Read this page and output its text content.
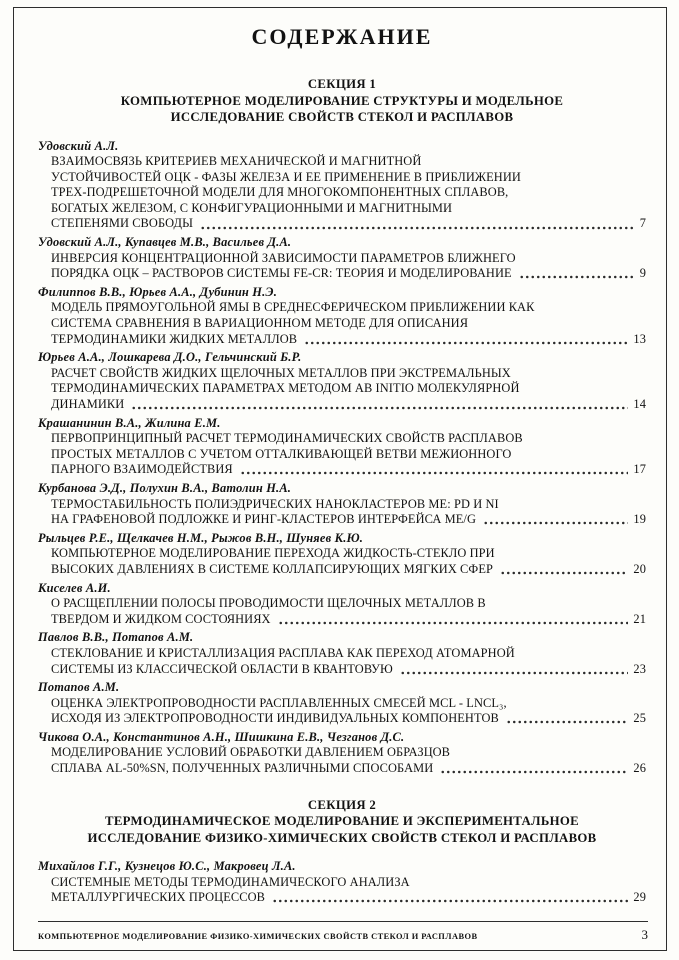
СОДЕРЖАНИЕ
СЕКЦИЯ 1
КОМПЬЮТЕРНОЕ МОДЕЛИРОВАНИЕ СТРУКТУРЫ И МОДЕЛЬНОЕ
ИССЛЕДОВАНИЕ СВОЙСТВ СТЕКОЛ И РАСПЛАВОВ
Удовский А.Л.
ВЗАИМОСВЯЗЬ КРИТЕРИЕВ МЕХАНИЧЕСКОЙ И МАГНИТНОЙ
УСТОЙЧИВОСТЕЙ ОЦК - ФАЗЫ ЖЕЛЕЗА И ЕЕ ПРИМЕНЕНИЕ В ПРИБЛИЖЕНИИ
ТРЕХ-ПОДРЕШЕТОЧНОЙ МОДЕЛИ ДЛЯ МНОГОКОМПОНЕНТНЫХ СПЛАВОВ,
БОГАТЫХ ЖЕЛЕЗОМ, С КОНФИГУРАЦИОННЫМИ И МАГНИТНЫМИ
СТЕПЕНЯМИ СВОБОДЫ	7
Удовский А.Л., Купавцев М.В., Васильев Д.А.
ИНВЕРСИЯ КОНЦЕНТРАЦИОННОЙ ЗАВИСИМОСТИ ПАРАМЕТРОВ БЛИЖНЕГО
ПОРЯДКА ОЦК – РАСТВОРОВ СИСТЕМЫ FE-CR: ТЕОРИЯ И МОДЕЛИРОВАНИЕ	9
Филиппов В.В., Юрьев А.А., Дубинин Н.Э.
МОДЕЛЬ ПРЯМОУГОЛЬНОЙ ЯМЫ В СРЕДНЕСФЕРИЧЕСКОМ ПРИБЛИЖЕНИИ КАК
СИСТЕМА СРАВНЕНИЯ В ВАРИАЦИОННОМ МЕТОДЕ ДЛЯ ОПИСАНИЯ
ТЕРМОДИНАМИКИ ЖИДКИХ МЕТАЛЛОВ	13
Юрьев А.А., Лошкарева Д.О., Гельчинский Б.Р.
РАСЧЕТ СВОЙСТВ ЖИДКИХ ЩЕЛОЧНЫХ МЕТАЛЛОВ ПРИ ЭКСТРЕМАЛЬНЫХ
ТЕРМОДИНАМИЧЕСКИХ ПАРАМЕТРАХ МЕТОДОМ AB INITIO МОЛЕКУЛЯРНОЙ
ДИНАМИКИ	14
Крашанинин В.А., Жилина Е.М.
ПЕРВОПРИНЦИПНЫЙ РАСЧЕТ ТЕРМОДИНАМИЧЕСКИХ СВОЙСТВ РАСПЛАВОВ
ПРОСТЫХ МЕТАЛЛОВ С УЧЕТОМ ОТТАЛКИВАЮЩЕЙ ВЕТВИ МЕЖИОННОГО
ПАРНОГО ВЗАИМОДЕЙСТВИЯ	17
Курбанова Э.Д., Полухин В.А., Ватолин Н.А.
ТЕРМОСТАБИЛЬНОСТЬ ПОЛИЭДРИЧЕСКИХ НАНОКЛАСТЕРОВ ME: PD И NI
НА ГРАФЕНОВОЙ ПОДЛОЖКЕ И РИНГ-КЛАСТЕРОВ ИНТЕРФЕЙСА ME/G	19
Рыльцев Р.Е., Щелкачев Н.М., Рыжов В.Н., Шуняев К.Ю.
КОМПЬЮТЕРНОЕ МОДЕЛИРОВАНИЕ ПЕРЕХОДА ЖИДКОСТЬ-СТЕКЛО ПРИ
ВЫСОКИХ ДАВЛЕНИЯХ В СИСТЕМЕ КОЛЛАПСИРУЮЩИХ МЯГКИХ СФЕР	20
Киселев А.И.
О РАСЩЕПЛЕНИИ ПОЛОСЫ ПРОВОДИМОСТИ ЩЕЛОЧНЫХ МЕТАЛЛОВ В
ТВЕРДОМ И ЖИДКОМ СОСТОЯНИЯХ	21
Павлов В.В., Потапов А.М.
СТЕКЛОВАНИЕ И КРИСТАЛЛИЗАЦИЯ РАСПЛАВА КАК ПЕРЕХОД АТОМАРНОЙ
СИСТЕМЫ ИЗ КЛАССИЧЕСКОЙ ОБЛАСТИ В КВАНТОВУЮ	23
Потапов А.М.
ОЦЕНКА ЭЛЕКТРОПРОВОДНОСТИ РАСПЛАВЛЕННЫХ СМЕСЕЙ MCL - LNCL₃,
ИСХОДЯ ИЗ ЭЛЕКТРОПРОВОДНОСТИ ИНДИВИДУАЛЬНЫХ КОМПОНЕНТОВ	25
Чикова О.А., Константинов А.Н., Шишкина Е.В., Чезганов Д.С.
МОДЕЛИРОВАНИЕ УСЛОВИЙ ОБРАБОТКИ ДАВЛЕНИЕМ ОБРАЗЦОВ
СПЛАВА AL-50%SN, ПОЛУЧЕННЫХ РАЗЛИЧНЫМИ СПОСОБАМИ	26
СЕКЦИЯ 2
ТЕРМОДИНАМИЧЕСКОЕ МОДЕЛИРОВАНИЕ И ЭКСПЕРИМЕНТАЛЬНОЕ
ИССЛЕДОВАНИЕ ФИЗИКО-ХИМИЧЕСКИХ СВОЙСТВ СТЕКОЛ И РАСПЛАВОВ
Михайлов Г.Г., Кузнецов Ю.С., Макровец Л.А.
СИСТЕМНЫЕ МЕТОДЫ ТЕРМОДИНАМИЧЕСКОГО АНАЛИЗА
МЕТАЛЛУРГИЧЕСКИХ ПРОЦЕССОВ	29
КОМПЬЮТЕРНОЕ МОДЕЛИРОВАНИЕ ФИЗИКО-ХИМИЧЕСКИХ СВОЙСТВ СТЕКОЛ И РАСПЛАВОВ	3
